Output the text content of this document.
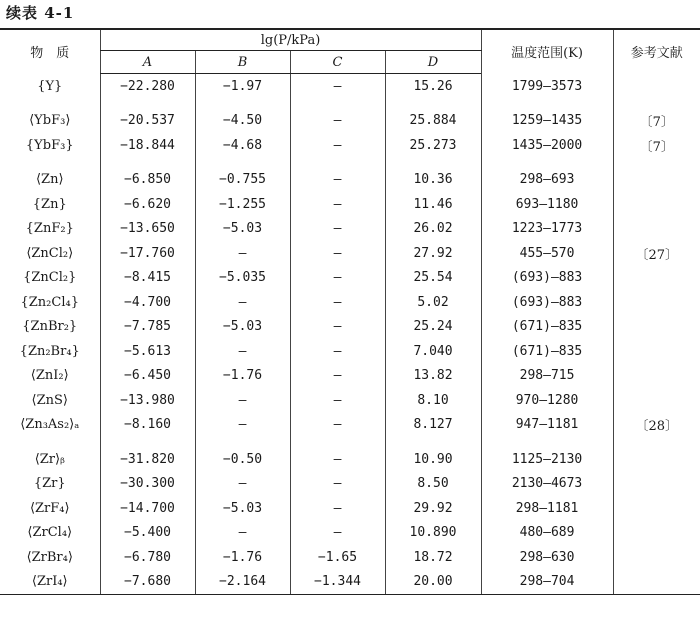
续表 4-1
物　质	lg(P/kPa)				温度范围(K)	参考文献
	A	B	C	D		
{Y}	−22.280	−1.97	—	15.26	1799—3573	

⟨YbF₃⟩	−20.537	−4.50	—	25.884	1259—1435	〔7〕
{YbF₃}	−18.844	−4.68	—	25.273	1435—2000	〔7〕

⟨Zn⟩	−6.850	−0.755	—	10.36	298—693	
{Zn}	−6.620	−1.255	—	11.46	693—1180	
{ZnF₂}	−13.650	−5.03	—	26.02	1223—1773	
⟨ZnCl₂⟩	−17.760	—	—	27.92	455—570	〔27〕
{ZnCl₂}	−8.415	−5.035	—	25.54	(693)—883	
{Zn₂Cl₄}	−4.700	—	—	5.02	(693)—883	
{ZnBr₂}	−7.785	−5.03	—	25.24	(671)—835	
{Zn₂Br₄}	−5.613	—	—	7.040	(671)—835	
⟨ZnI₂⟩	−6.450	−1.76	—	13.82	298—715	
⟨ZnS⟩	−13.980	—	—	8.10	970—1280	
⟨Zn₃As₂⟩ₐ	−8.160	—	—	8.127	947—1181	〔28〕

⟨Zr⟩ᵦ	−31.820	−0.50	—	10.90	1125—2130	
{Zr}	−30.300	—	—	8.50	2130—4673	
⟨ZrF₄⟩	−14.700	−5.03	—	29.92	298—1181	
⟨ZrCl₄⟩	−5.400	—	—	10.890	480—689	
⟨ZrBr₄⟩	−6.780	−1.76	−1.65	18.72	298—630	
⟨ZrI₄⟩	−7.680	−2.164	−1.344	20.00	298—704	
